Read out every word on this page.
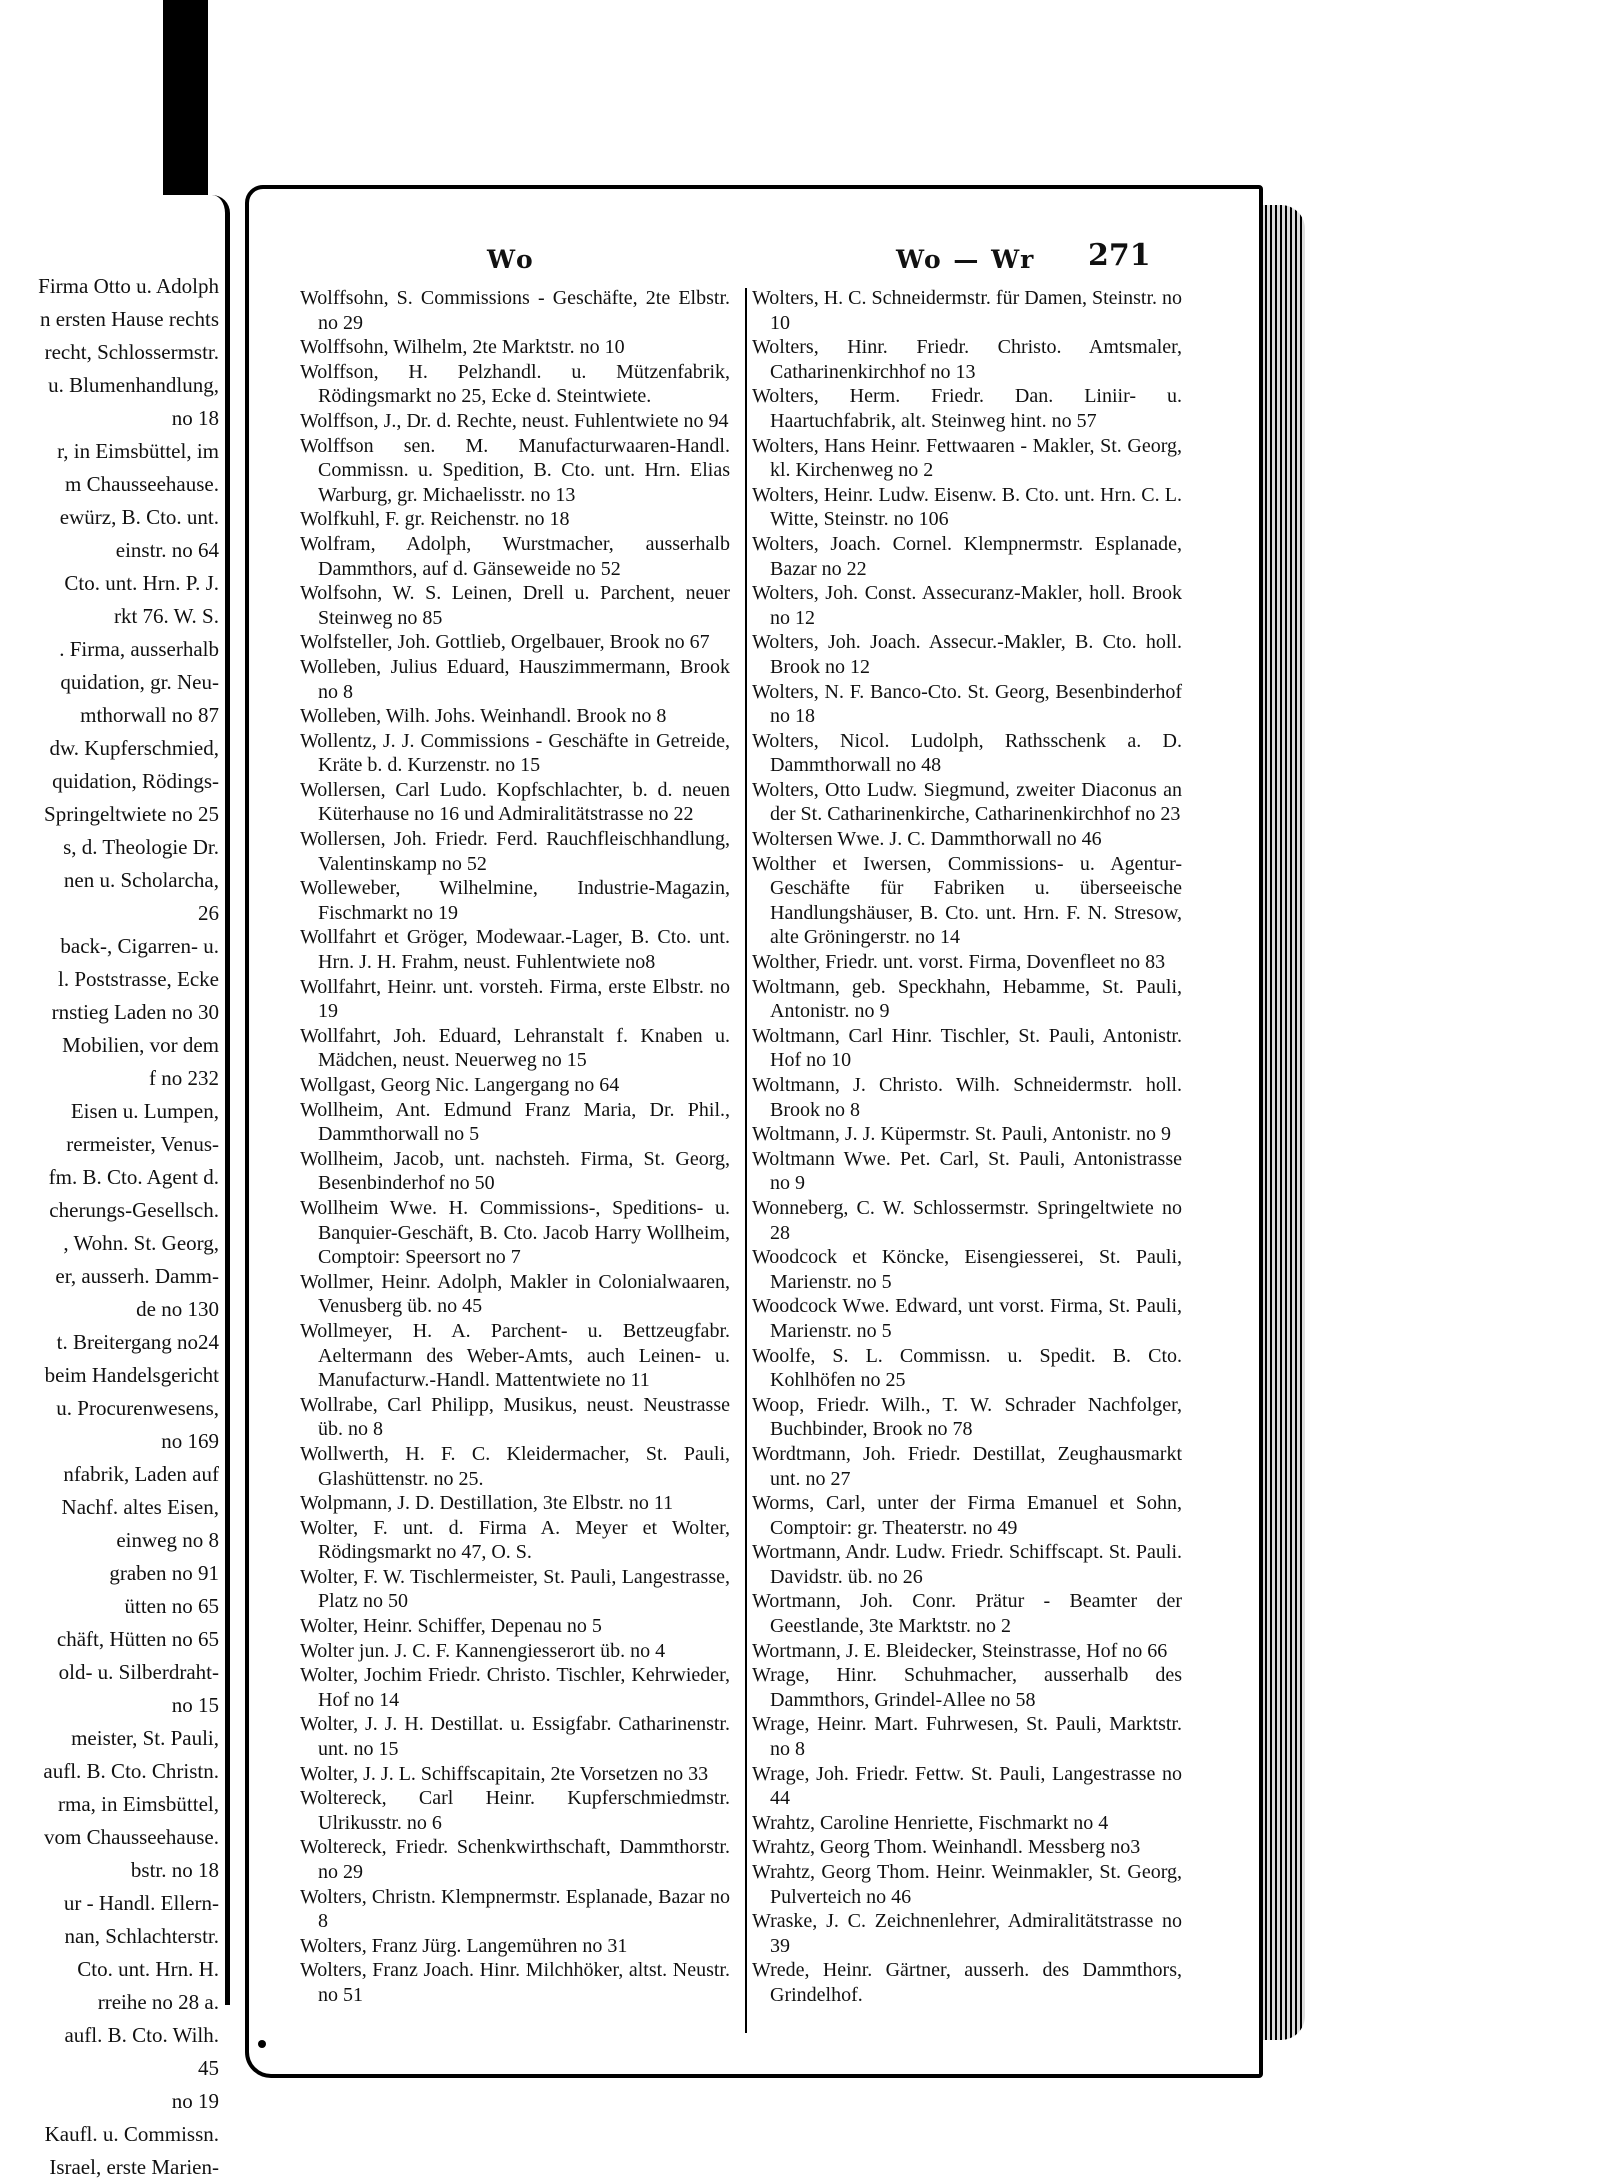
Firma Otto u. Adolph
n ersten Hause rechts
recht, Schlossermstr.
u. Blumenhandlung,
no 18
r, in Eimsbüttel, im
m Chausseehause.
ewürz, B. Cto. unt.
einstr. no 64
Cto. unt. Hrn. P. J.
rkt 76. W. S.
. Firma, ausserhalb
quidation, gr. Neu-
mthorwall no 87
dw. Kupferschmied,
quidation, Rödings-
Springeltwiete no 25
s, d. Theologie Dr.
nen u. Scholarcha,
26
back-, Cigarren- u.
l. Poststrasse, Ecke
rnstieg Laden no 30
Mobilien, vor dem
f no 232
Eisen u. Lumpen,
rermeister, Venus-
fm. B. Cto. Agent d.
cherungs-Gesellsch.
, Wohn. St. Georg,
er, ausserh. Damm-
de no 130
t. Breitergang no24
beim Handelsgericht
u. Procurenwesens,
no 169
nfabrik, Laden auf
Nachf. altes Eisen,
einweg no 8
graben no 91
ütten no 65
chäft, Hütten no 65
old- u. Silberdraht-
no 15
meister, St. Pauli,
aufl. B. Cto. Christn.
rma, in Eimsbüttel,
vom Chausseehause.
bstr. no 18
ur - Handl. Ellern-
nan, Schlachterstr.
Cto. unt. Hrn. H.
rreihe no 28 a.
aufl. B. Cto. Wilh.
45
no 19
Kaufl. u. Commissn.
Israel, erste Marien-
Wo	Wo — Wr 271
Wolffsohn, S. Commissions - Geschäfte, 2te Elbstr. no 29
Wolffsohn, Wilhelm, 2te Marktstr. no 10
Wolffson, H. Pelzhandl. u. Mützenfabrik, Rödingsmarkt no 25, Ecke d. Steintwiete.
Wolffson, J., Dr. d. Rechte, neust. Fuhlentwiete no 94
Wolffson sen. M. Manufacturwaaren-Handl. Commissn. u. Spedition, B. Cto. unt. Hrn. Elias Warburg, gr. Michaelisstr. no 13
Wolfkuhl, F. gr. Reichenstr. no 18
Wolfram, Adolph, Wurstmacher, ausserhalb Dammthors, auf d. Gänseweide no 52
Wolfsohn, W. S. Leinen, Drell u. Parchent, neuer Steinweg no 85
Wolfsteller, Joh. Gottlieb, Orgelbauer, Brook no 67
Wolleben, Julius Eduard, Hauszimmermann, Brook no 8
Wolleben, Wilh. Johs. Weinhandl. Brook no 8
Wollentz, J. J. Commissions - Geschäfte in Getreide, Kräte b. d. Kurzenstr. no 15
Wollersen, Carl Ludo. Kopfschlachter, b. d. neuen Küterhause no 16 und Admiralitätstrasse no 22
Wollersen, Joh. Friedr. Ferd. Rauchfleischhandlung, Valentinskamp no 52
Wolleweber, Wilhelmine, Industrie-Magazin, Fischmarkt no 19
Wollfahrt et Gröger, Modewaar.-Lager, B. Cto. unt. Hrn. J. H. Frahm, neust. Fuhlentwiete no8
Wollfahrt, Heinr. unt. vorsteh. Firma, erste Elbstr. no 19
Wollfahrt, Joh. Eduard, Lehranstalt f. Knaben u. Mädchen, neust. Neuerweg no 15
Wollgast, Georg Nic. Langergang no 64
Wollheim, Ant. Edmund Franz Maria, Dr. Phil., Dammthorwall no 5
Wollheim, Jacob, unt. nachsteh. Firma, St. Georg, Besenbinderhof no 50
Wollheim Wwe. H. Commissions-, Speditions- u. Banquier-Geschäft, B. Cto. Jacob Harry Wollheim, Comptoir: Speersort no 7
Wollmer, Heinr. Adolph, Makler in Colonialwaaren, Venusberg üb. no 45
Wollmeyer, H. A. Parchent- u. Bettzeugfabr. Aeltermann des Weber-Amts, auch Leinen- u. Manufacturw.-Handl. Mattentwiete no 11
Wollrabe, Carl Philipp, Musikus, neust. Neustrasse üb. no 8
Wollwerth, H. F. C. Kleidermacher, St. Pauli, Glashüttenstr. no 25.
Wolpmann, J. D. Destillation, 3te Elbstr. no 11
Wolter, F. unt. d. Firma A. Meyer et Wolter, Rödingsmarkt no 47, O. S.
Wolter, F. W. Tischlermeister, St. Pauli, Langestrasse, Platz no 50
Wolter, Heinr. Schiffer, Depenau no 5
Wolter jun. J. C. F. Kannengiesserort üb. no 4
Wolter, Jochim Friedr. Christo. Tischler, Kehrwieder, Hof no 14
Wolter, J. J. H. Destillat. u. Essigfabr. Catharinenstr. unt. no 15
Wolter, J. J. L. Schiffscapitain, 2te Vorsetzen no 33
Woltereck, Carl Heinr. Kupferschmiedmstr. Ulrikusstr. no 6
Woltereck, Friedr. Schenkwirthschaft, Dammthorstr. no 29
Wolters, Christn. Klempnermstr. Esplanade, Bazar no 8
Wolters, Franz Jürg. Langemühren no 31
Wolters, Franz Joach. Hinr. Milchhöker, altst. Neustr. no 51
Wolters, H. C. Schneidermstr. für Damen, Steinstr. no 10
Wolters, Hinr. Friedr. Christo. Amtsmaler, Catharinenkirchhof no 13
Wolters, Herm. Friedr. Dan. Liniir- u. Haartuchfabrik, alt. Steinweg hint. no 57
Wolters, Hans Heinr. Fettwaaren - Makler, St. Georg, kl. Kirchenweg no 2
Wolters, Heinr. Ludw. Eisenw. B. Cto. unt. Hrn. C. L. Witte, Steinstr. no 106
Wolters, Joach. Cornel. Klempnermstr. Esplanade, Bazar no 22
Wolters, Joh. Const. Assecuranz-Makler, holl. Brook no 12
Wolters, Joh. Joach. Assecur.-Makler, B. Cto. holl. Brook no 12
Wolters, N. F. Banco-Cto. St. Georg, Besenbinderhof no 18
Wolters, Nicol. Ludolph, Rathsschenk a. D. Dammthorwall no 48
Wolters, Otto Ludw. Siegmund, zweiter Diaconus an der St. Catharinenkirche, Catharinenkirchhof no 23
Woltersen Wwe. J. C. Dammthorwall no 46
Wolther et Iwersen, Commissions- u. Agentur-Geschäfte für Fabriken u. überseeische Handlungshäuser, B. Cto. unt. Hrn. F. N. Stresow, alte Gröningerstr. no 14
Wolther, Friedr. unt. vorst. Firma, Dovenfleet no 83
Woltmann, geb. Speckhahn, Hebamme, St. Pauli, Antonistr. no 9
Woltmann, Carl Hinr. Tischler, St. Pauli, Antonistr. Hof no 10
Woltmann, J. Christo. Wilh. Schneidermstr. holl. Brook no 8
Woltmann, J. J. Küpermstr. St. Pauli, Antonistr. no 9
Woltmann Wwe. Pet. Carl, St. Pauli, Antonistrasse no 9
Wonneberg, C. W. Schlossermstr. Springeltwiete no 28
Woodcock et Köncke, Eisengiesserei, St. Pauli, Marienstr. no 5
Woodcock Wwe. Edward, unt vorst. Firma, St. Pauli, Marienstr. no 5
Woolfe, S. L. Commissn. u. Spedit. B. Cto. Kohlhöfen no 25
Woop, Friedr. Wilh., T. W. Schrader Nachfolger, Buchbinder, Brook no 78
Wordtmann, Joh. Friedr. Destillat, Zeughausmarkt unt. no 27
Worms, Carl, unter der Firma Emanuel et Sohn, Comptoir: gr. Theaterstr. no 49
Wortmann, Andr. Ludw. Friedr. Schiffscapt. St. Pauli. Davidstr. üb. no 26
Wortmann, Joh. Conr. Prätur - Beamter der Geestlande, 3te Marktstr. no 2
Wortmann, J. E. Bleidecker, Steinstrasse, Hof no 66
Wrage, Hinr. Schuhmacher, ausserhalb des Dammthors, Grindel-Allee no 58
Wrage, Heinr. Mart. Fuhrwesen, St. Pauli, Marktstr. no 8
Wrage, Joh. Friedr. Fettw. St. Pauli, Langestrasse no 44
Wrahtz, Caroline Henriette, Fischmarkt no 4
Wrahtz, Georg Thom. Weinhandl. Messberg no3
Wrahtz, Georg Thom. Heinr. Weinmakler, St. Georg, Pulverteich no 46
Wraske, J. C. Zeichnenlehrer, Admiralitätstrasse no 39
Wrede, Heinr. Gärtner, ausserh. des Dammthors, Grindelhof.
